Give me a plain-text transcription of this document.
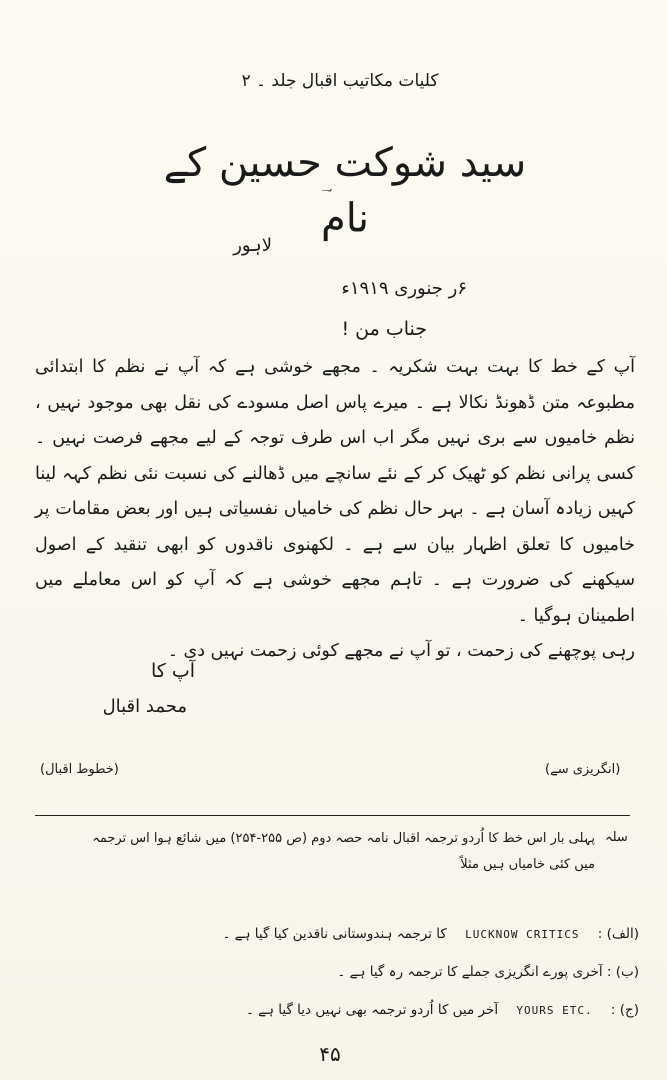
کلیات مکاتیب اقبال جلد ۔ ۲
سید شوکت حسین کے نام
لاہور
۶ر جنوری ۱۹۱۹ء
جناب من !

آپ کے خط کا بہت بہت شکریہ ۔ مجھے خوشی ہے کہ آپ نے نظم کا ابتدائی مطبوعہ متن ڈھونڈ نکالا ہے ۔ میرے پاس اصل مسودے کی نقل بھی موجود نہیں ، نظم خامیوں سے بری نہیں مگر اب اس طرف توجہ کے لیے مجھے فرصت نہیں ۔ کسی پرانی نظم کو ٹھیک کر کے نئے سانچے میں ڈھالنے کی نسبت نئی نظم کہہ لینا کہیں زیادہ آسان ہے ۔ بہر حال نظم کی خامیاں نفسیاتی ہیں اور بعض مقامات پر خامیوں کا تعلق اظہار بیان سے ہے ۔ لکھنوی ناقدوں کو ابھی تنقید کے اصول سیکھنے کی ضرورت ہے ۔ تاہم مجھے خوشی ہے کہ آپ کو اس معاملے میں اطمینان ہوگیا ۔

رہی پوچھنے کی زحمت ، تو آپ نے مجھے کوئی زحمت نہیں دی ۔

آپ کا
محمد اقبال
(انگریزی سے)
(خطوط اقبال)
سلہ
پہلی بار اس خط کا اُردو ترجمہ اقبال نامہ حصہ دوم (ص ۲۵۵-۲۵۴) میں شائع ہوا اس ترجمہ میں کئی خامیاں ہیں مثلاً
(الف) : LUCKNOW CRITICS کا ترجمہ ہندوستانی ناقدین کیا گیا ہے ۔
(ب) : آخری پورے انگریزی جملے کا ترجمہ رہ گیا ہے ۔
(ج) : YOURS ETC. آخر میں کا اُردو ترجمہ بھی نہیں دیا گیا ہے ۔
۴۵
